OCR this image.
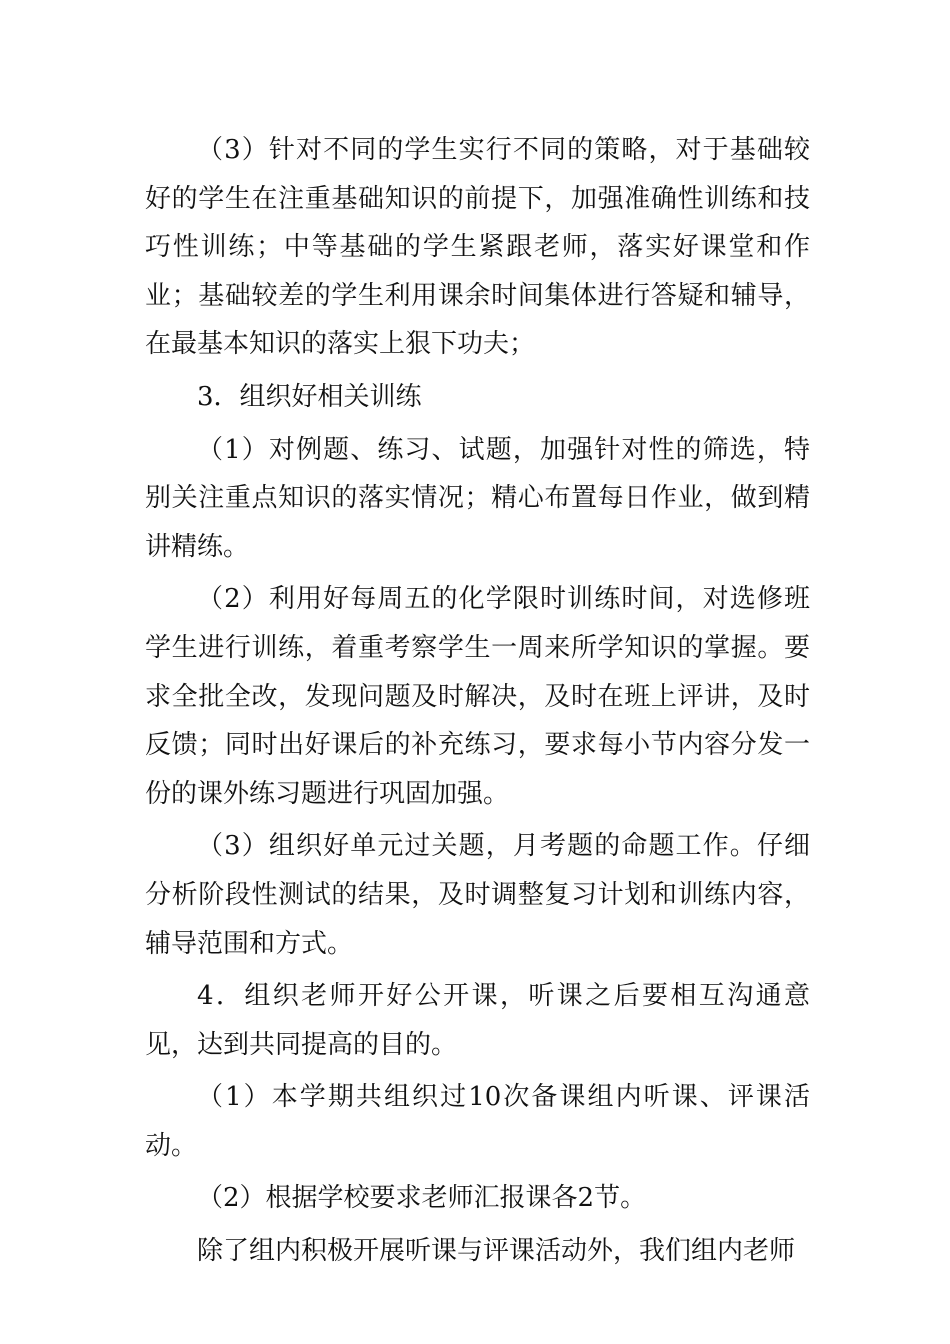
（3）针对不同的学生实行不同的策略，对于基础较好的学生在注重基础知识的前提下，加强准确性训练和技巧性训练；中等基础的学生紧跟老师，落实好课堂和作业；基础较差的学生利用课余时间集体进行答疑和辅导，在最基本知识的落实上狠下功夫；

3．组织好相关训练

（1）对例题、练习、试题，加强针对性的筛选，特别关注重点知识的落实情况；精心布置每日作业，做到精讲精练。

（2）利用好每周五的化学限时训练时间，对选修班学生进行训练，着重考察学生一周来所学知识的掌握。要求全批全改，发现问题及时解决，及时在班上评讲，及时反馈；同时出好课后的补充练习，要求每小节内容分发一份的课外练习题进行巩固加强。

（3）组织好单元过关题，月考题的命题工作。仔细分析阶段性测试的结果，及时调整复习计划和训练内容，辅导范围和方式。

4．组织老师开好公开课，听课之后要相互沟通意见，达到共同提高的目的。

（1）本学期共组织过10次备课组内听课、评课活动。

（2）根据学校要求老师汇报课各2节。

除了组内积极开展听课与评课活动外，我们组内老师
